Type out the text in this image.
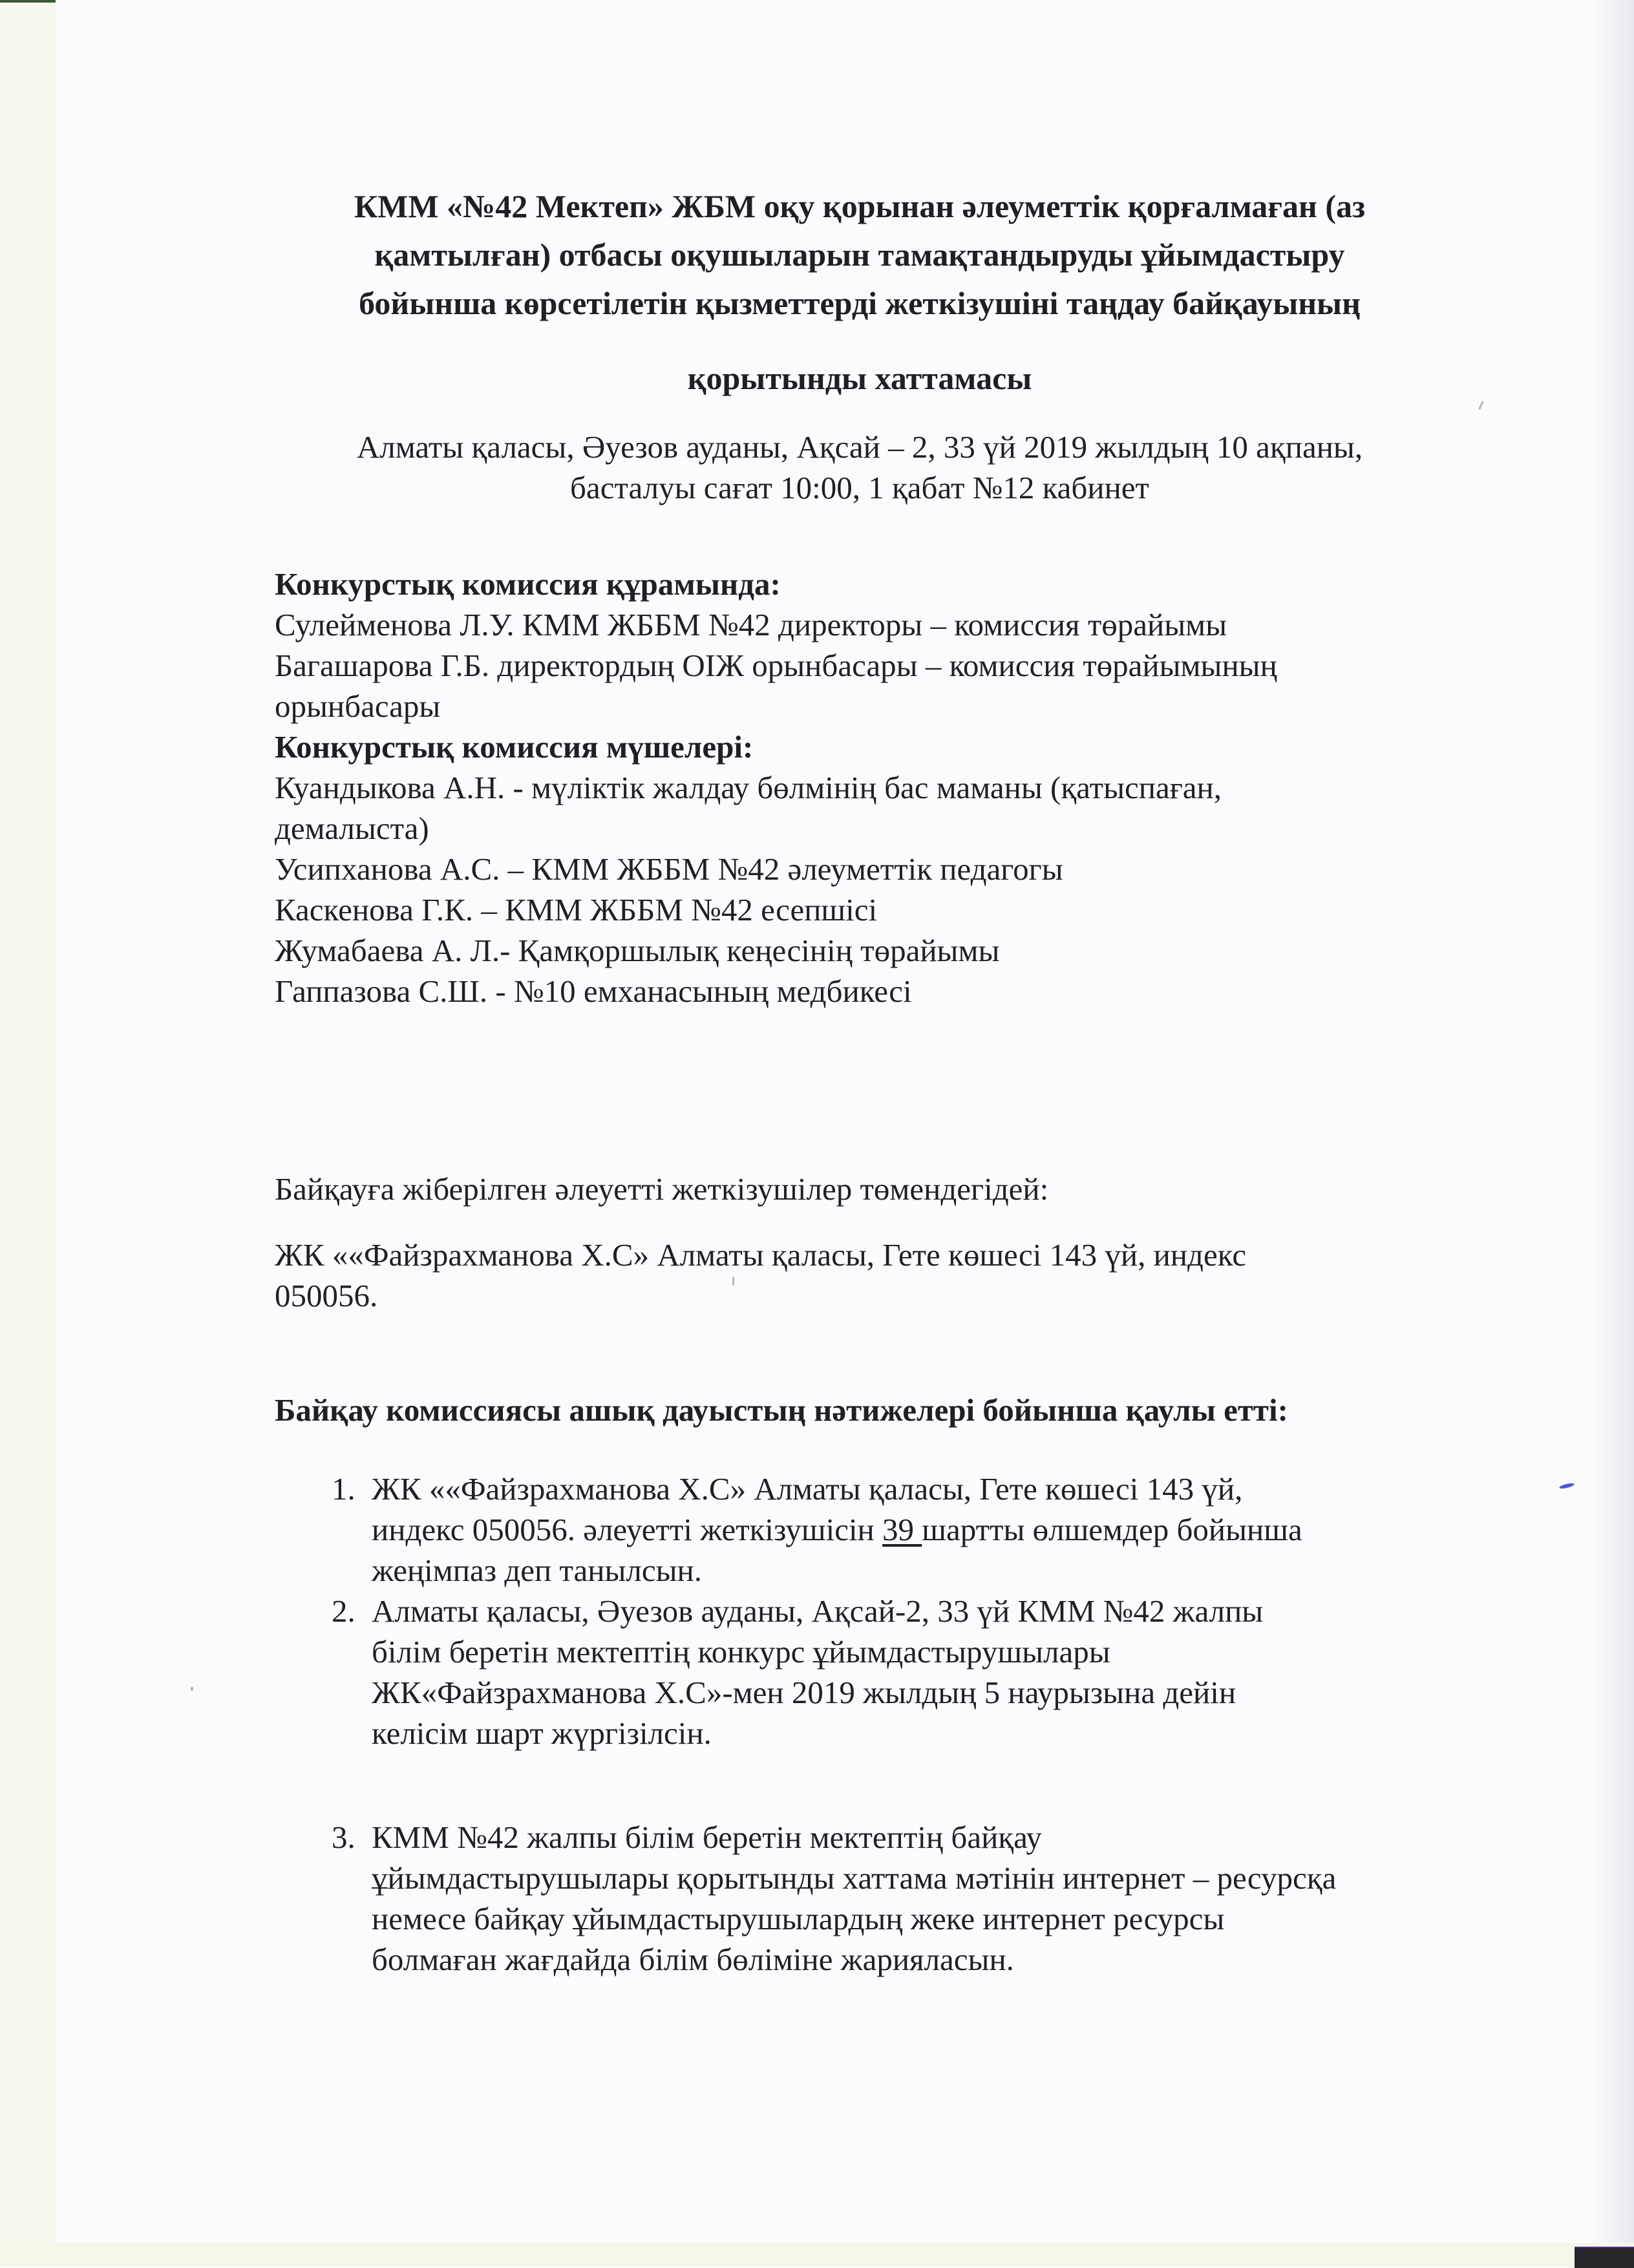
КММ «№42 Мектеп» ЖБМ оқу қорынан әлеуметтік қорғалмаған (аз
қамтылған) отбасы оқушыларын тамақтандыруды ұйымдастыру
бойынша көрсетілетін қызметтерді жеткізушіні таңдау байқауының
қорытынды хаттамасы
Алматы қаласы, Әуезов ауданы, Ақсай – 2, 33 үй 2019 жылдың 10 ақпаны,
басталуы сағат 10:00, 1 қабат №12 кабинет
Конкурстық комиссия құрамында:
Сулейменова Л.У. КММ ЖББМ №42 директоры – комиссия төрайымы
Багашарова Г.Б. директордың ОІЖ орынбасары – комиссия төрайымының
орынбасары
Конкурстық комиссия мүшелері:
Куандыкова А.Н. - мүліктік жалдау бөлмінің бас маманы (қатыспаған,
демалыста)
Усипханова А.С. – КММ ЖББМ №42 әлеуметтік педагогы
Каскенова Г.К. – КММ ЖББМ №42 есепшісі
Жумабаева А. Л.- Қамқоршылық кеңесінің төрайымы
Гаппазова С.Ш. - №10 емханасының медбикесі
Байқауға жіберілген әлеуетті жеткізушілер төмендегідей:
ЖК ««Файзрахманова Х.С» Алматы қаласы, Гете көшесі 143 үй, индекс
050056.
Байқау комиссиясы ашық дауыстың нәтижелері бойынша қаулы етті:
1. ЖК ««Файзрахманова Х.С» Алматы қаласы, Гете көшесі 143 үй,
индекс 050056. әлеуетті жеткізушісін 39 шартты өлшемдер бойынша
жеңімпаз деп танылсын.
2. Алматы қаласы, Әуезов ауданы, Ақсай-2, 33 үй КММ №42 жалпы
білім беретін мектептің конкурс ұйымдастырушылары
ЖК«Файзрахманова Х.С»-мен 2019 жылдың 5 наурызына дейін
келісім шарт жүргізілсін.
3. КММ №42 жалпы білім беретін мектептің байқау
ұйымдастырушылары қорытынды хаттама мәтінін интернет – ресурсқа
немесе байқау ұйымдастырушылардың жеке интернет ресурсы
болмаған жағдайда білім бөліміне жарияласын.
